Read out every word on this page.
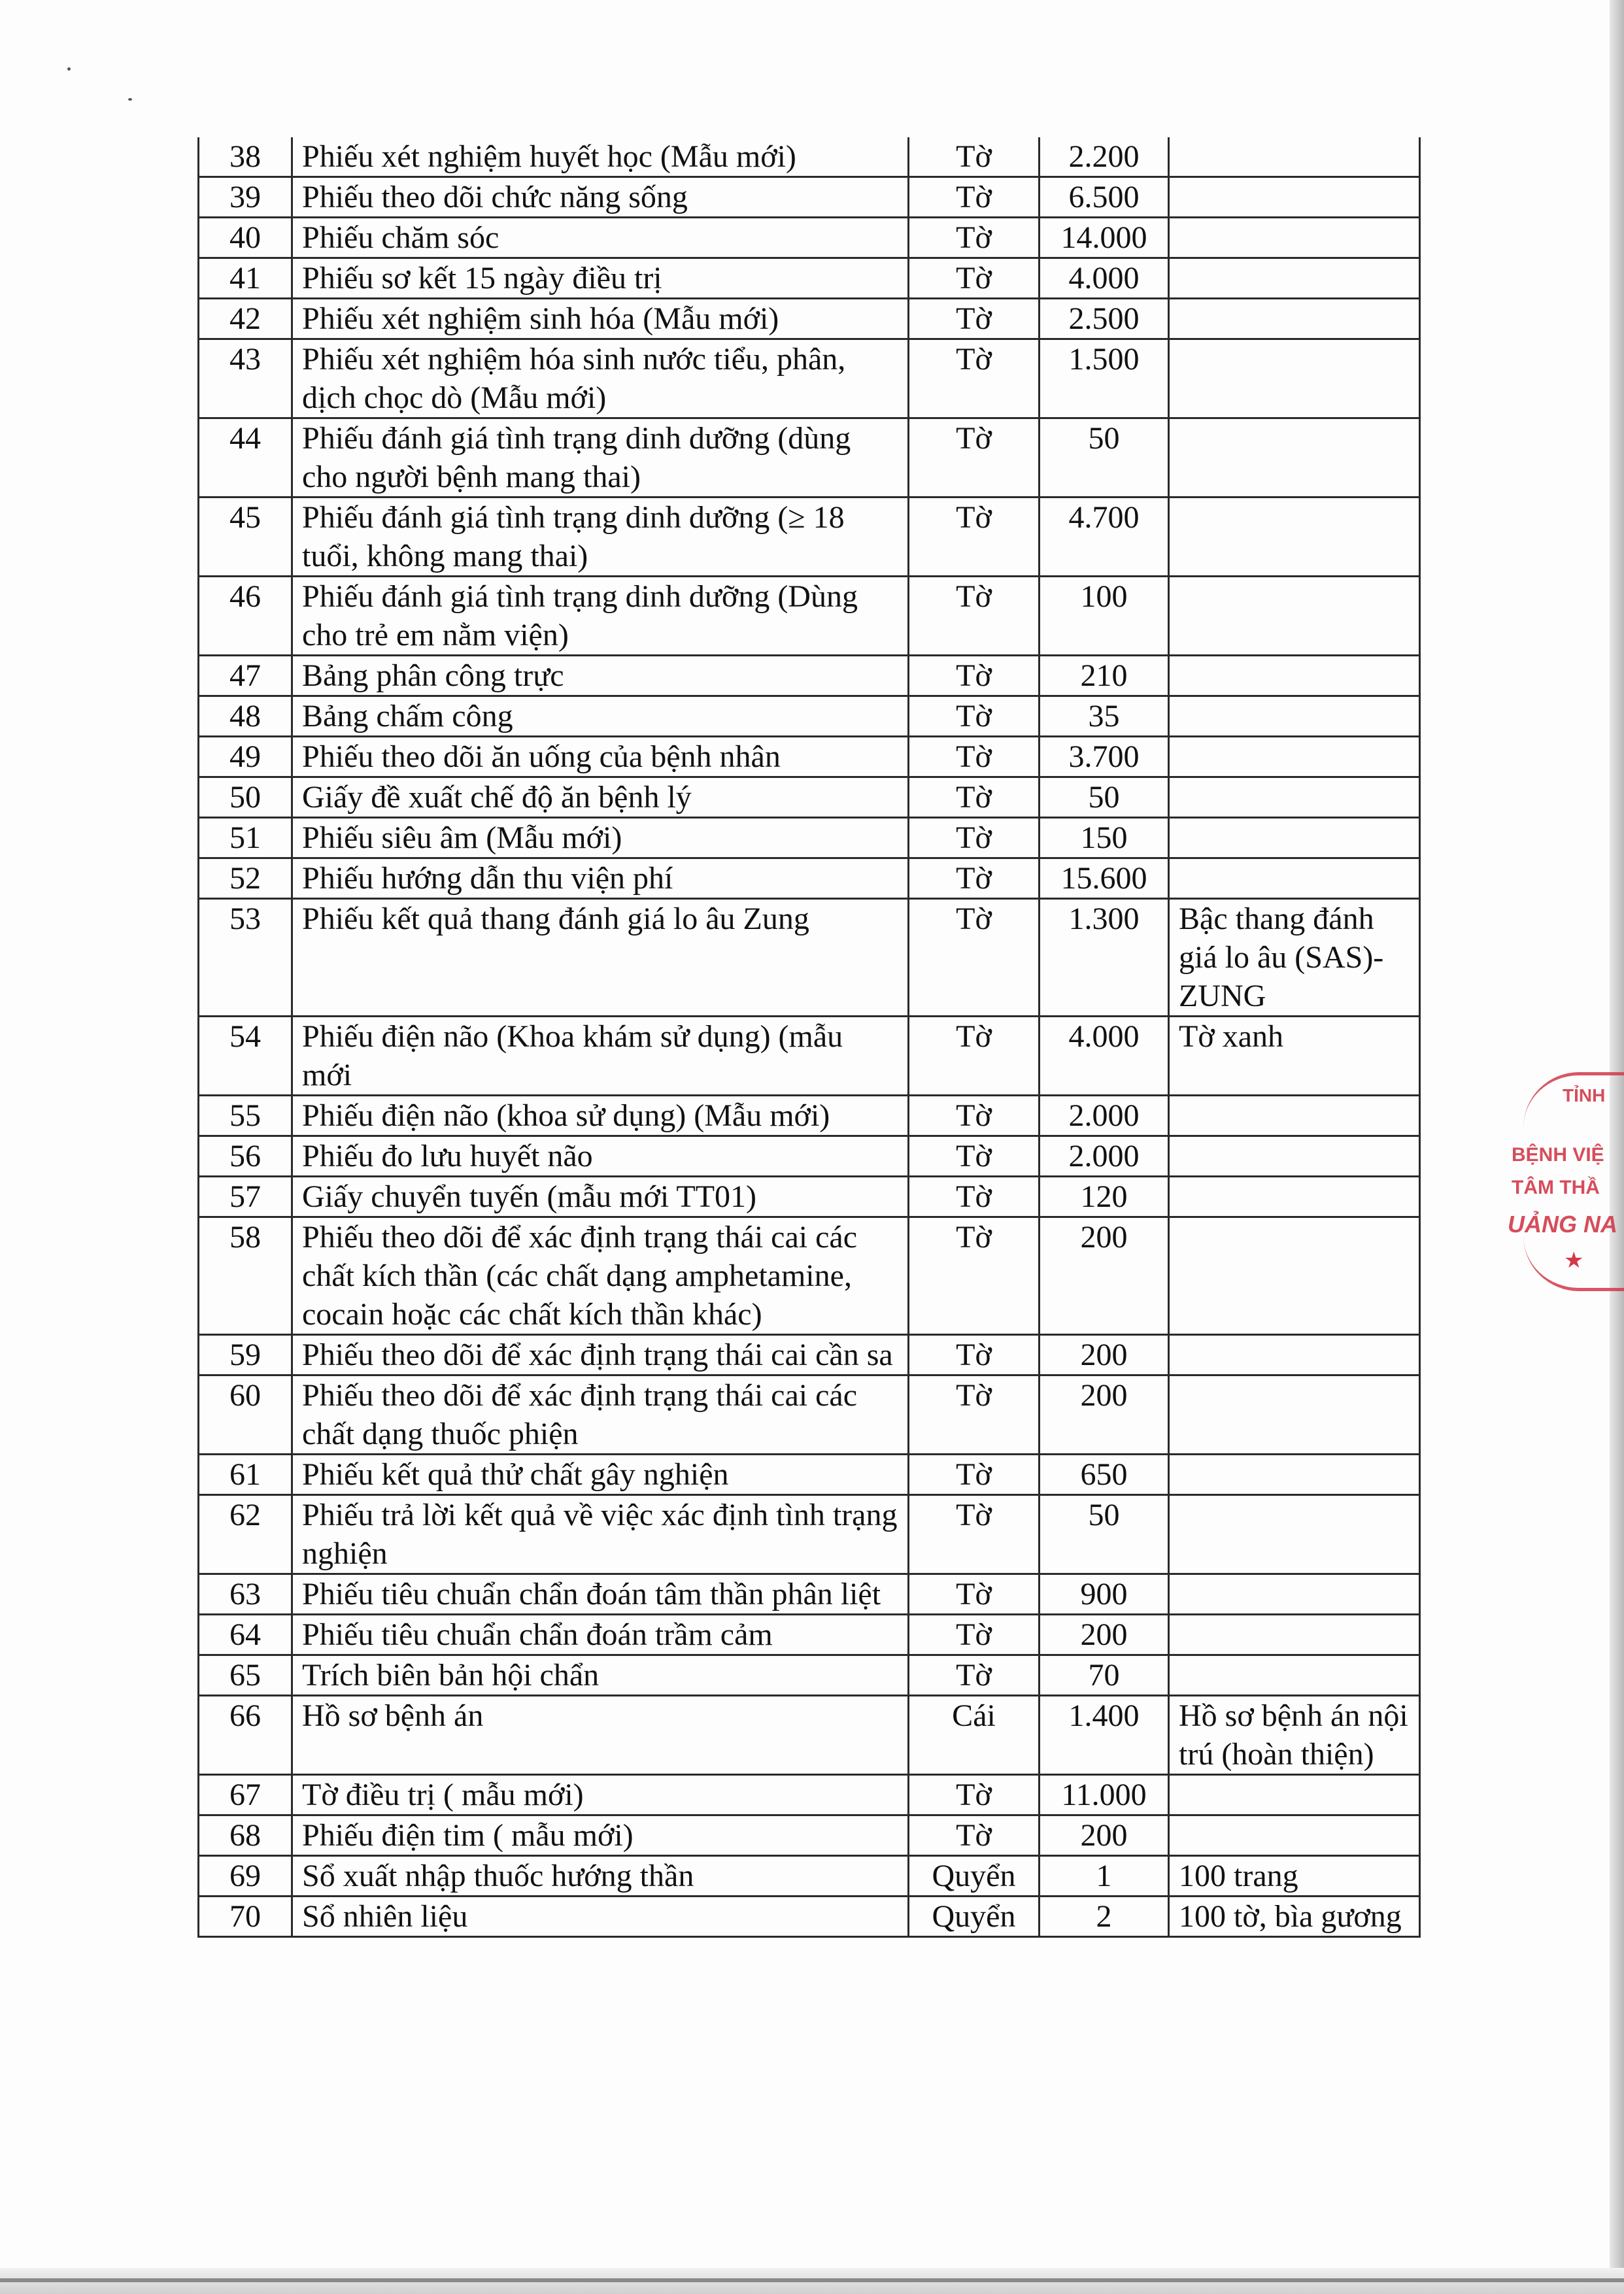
38	Phiếu xét nghiệm huyết học (Mẫu mới)	Tờ	2.200	
39	Phiếu theo dõi chức năng sống	Tờ	6.500	
40	Phiếu chăm sóc	Tờ	14.000	
41	Phiếu sơ kết 15 ngày điều trị	Tờ	4.000	
42	Phiếu xét nghiệm sinh hóa (Mẫu mới)	Tờ	2.500	
43	Phiếu xét nghiệm hóa sinh nước tiểu, phân, dịch chọc dò (Mẫu mới)	Tờ	1.500	
44	Phiếu đánh giá tình trạng dinh dưỡng (dùng cho người bệnh mang thai)	Tờ	50	
45	Phiếu đánh giá tình trạng dinh dưỡng (≥ 18 tuổi, không mang thai)	Tờ	4.700	
46	Phiếu đánh giá tình trạng dinh dưỡng (Dùng cho trẻ em nằm viện)	Tờ	100	
47	Bảng phân công trực	Tờ	210	
48	Bảng chấm công	Tờ	35	
49	Phiếu theo dõi ăn uống của bệnh nhân	Tờ	3.700	
50	Giấy đề xuất chế độ ăn bệnh lý	Tờ	50	
51	Phiếu siêu âm (Mẫu mới)	Tờ	150	
52	Phiếu hướng dẫn thu viện phí	Tờ	15.600	
53	Phiếu kết quả thang đánh giá lo âu Zung	Tờ	1.300	Bậc thang đánh giá lo âu (SAS)-ZUNG
54	Phiếu điện não (Khoa khám sử dụng) (mẫu mới	Tờ	4.000	Tờ xanh
55	Phiếu điện não (khoa sử dụng) (Mẫu mới)	Tờ	2.000	
56	Phiếu đo lưu huyết não	Tờ	2.000	
57	Giấy chuyển tuyến (mẫu mới TT01)	Tờ	120	
58	Phiếu theo dõi để xác định trạng thái cai các chất kích thần (các chất dạng amphetamine, cocain hoặc các chất kích thần khác)	Tờ	200	
59	Phiếu theo dõi để xác định trạng thái cai cần sa	Tờ	200	
60	Phiếu theo dõi để xác định trạng thái cai các chất dạng thuốc phiện	Tờ	200	
61	Phiếu kết quả thử chất gây nghiện	Tờ	650	
62	Phiếu trả lời kết quả về việc xác định tình trạng nghiện	Tờ	50	
63	Phiếu tiêu chuẩn chẩn đoán tâm thần phân liệt	Tờ	900	
64	Phiếu tiêu chuẩn chẩn đoán trầm cảm	Tờ	200	
65	Trích biên bản hội chẩn	Tờ	70	
66	Hồ sơ bệnh án	Cái	1.400	Hồ sơ bệnh án nội trú (hoàn thiện)
67	Tờ điều trị ( mẫu mới)	Tờ	11.000	
68	Phiếu điện tim ( mẫu mới)	Tờ	200	
69	Sổ xuất nhập thuốc hướng thần	Quyển	1	100 trang
70	Sổ nhiên liệu	Quyển	2	100 tờ, bìa gương
TỈNH
BỆNH VIỆ
TÂM THẦ
UẢNG NA
★
